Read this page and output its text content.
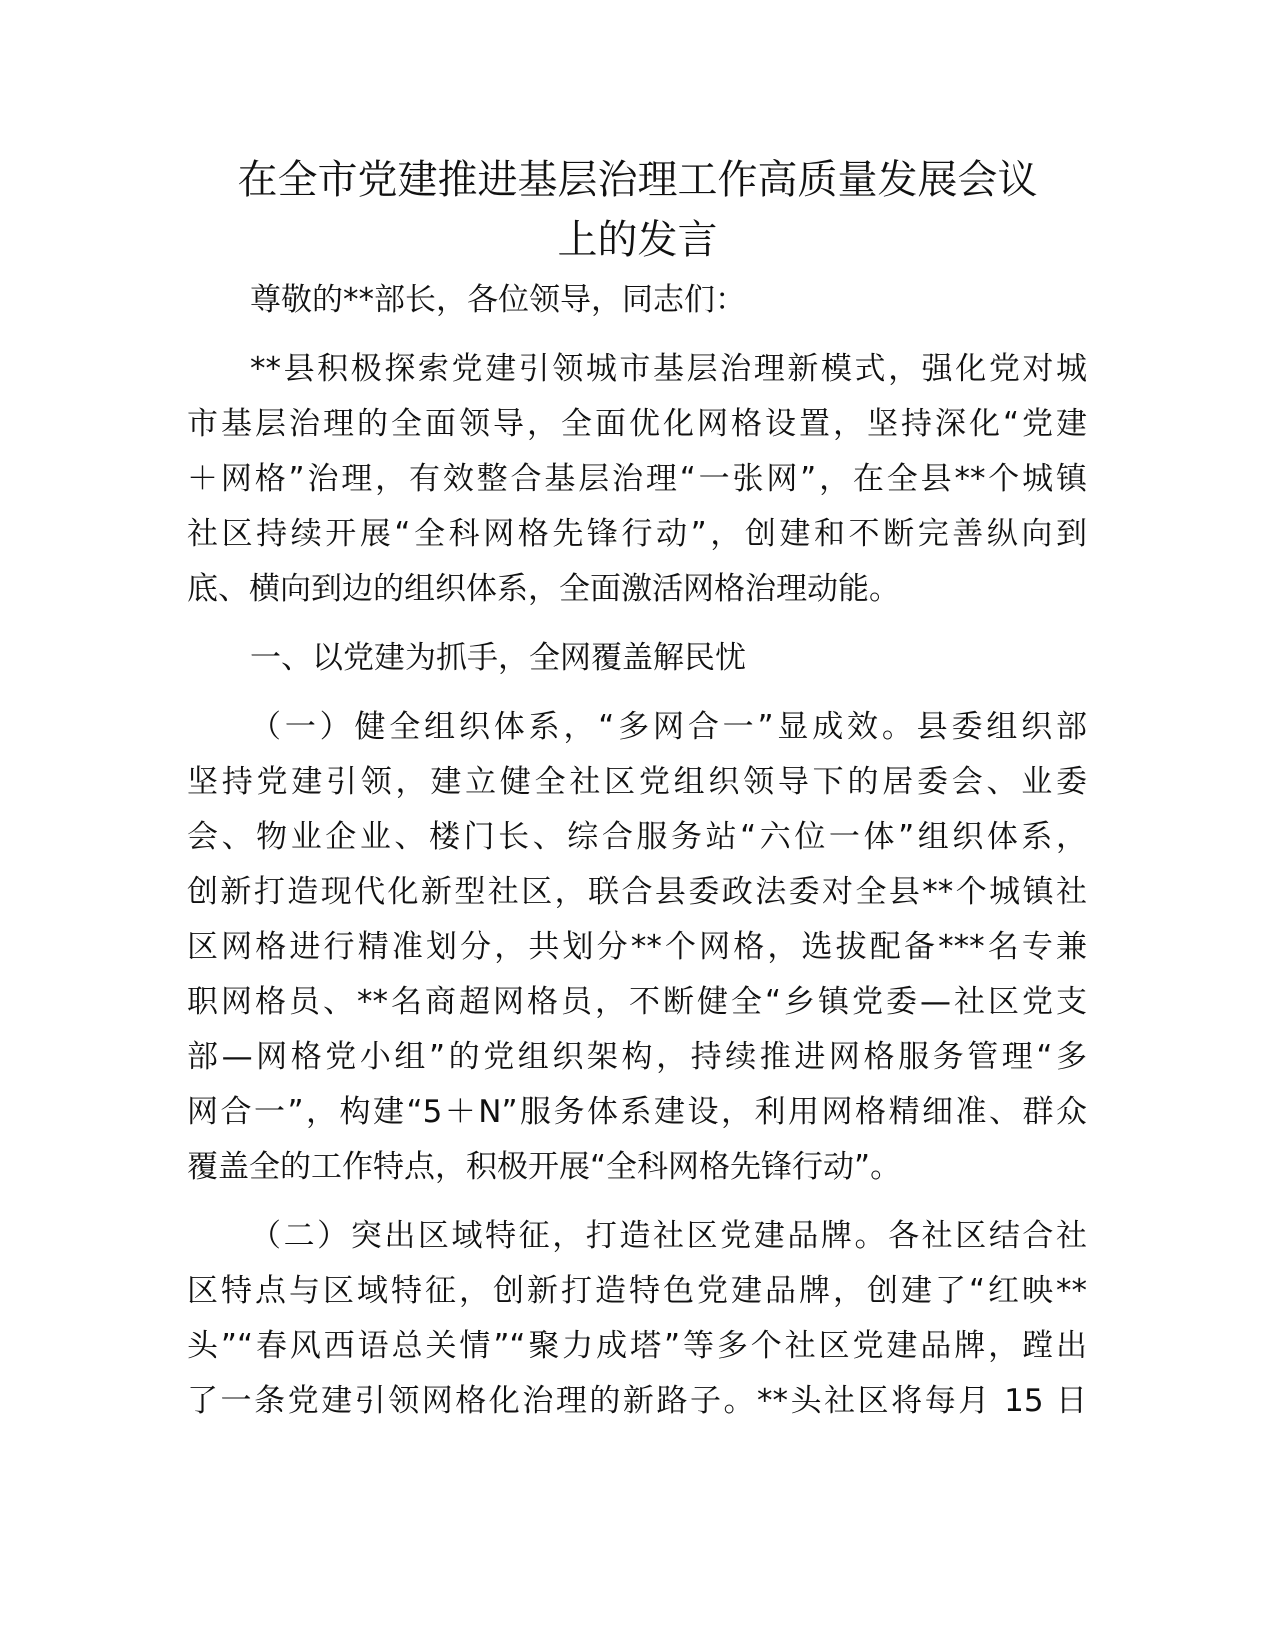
在全市党建推进基层治理工作高质量发展会议
上的发言
尊敬的**部长，各位领导，同志们：
**县积极探索党建引领城市基层治理新模式，强化党对城
市基层治理的全面领导，全面优化网格设置，坚持深化“党建
＋网格”治理，有效整合基层治理“一张网”，在全县**个城镇
社区持续开展“全科网格先锋行动”，创建和不断完善纵向到
底、横向到边的组织体系，全面激活网格治理动能。
一、以党建为抓手，全网覆盖解民忧
（一）健全组织体系，“多网合一”显成效。县委组织部
坚持党建引领，建立健全社区党组织领导下的居委会、业委
会、物业企业、楼门长、综合服务站“六位一体”组织体系，
创新打造现代化新型社区，联合县委政法委对全县**个城镇社
区网格进行精准划分，共划分**个网格，选拔配备***名专兼
职网格员、**名商超网格员，不断健全“乡镇党委—社区党支
部—网格党小组”的党组织架构，持续推进网格服务管理“多
网合一”，构建“5＋N”服务体系建设，利用网格精细准、群众
覆盖全的工作特点，积极开展“全科网格先锋行动”。
（二）突出区域特征，打造社区党建品牌。各社区结合社
区特点与区域特征，创新打造特色党建品牌，创建了“红映**
头”“春风西语总关情”“聚力成塔”等多个社区党建品牌，蹚出
了一条党建引领网格化治理的新路子。**头社区将每月 15 日
